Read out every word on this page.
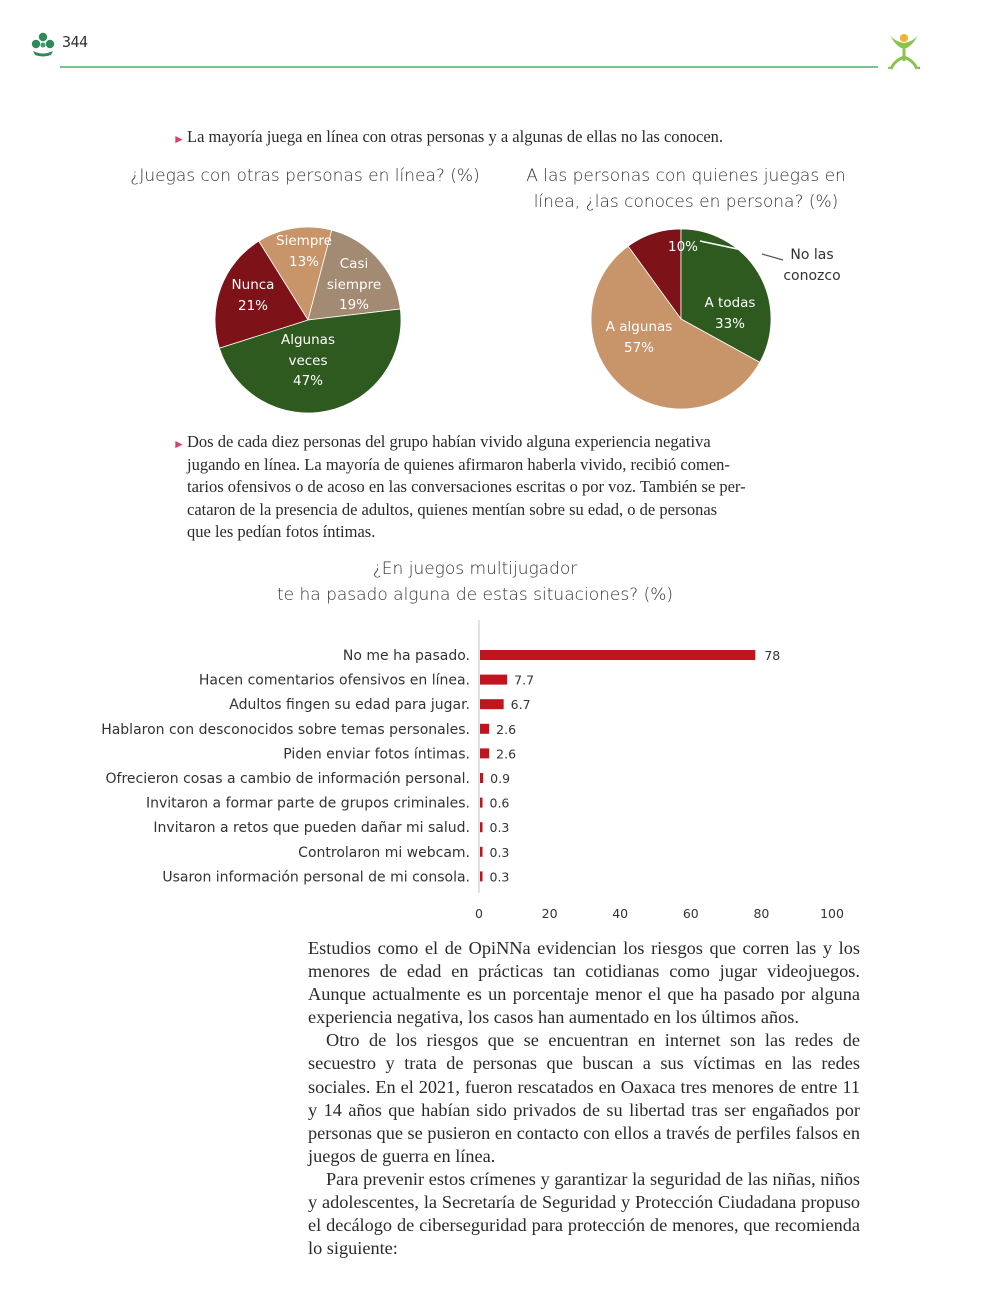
344
► La mayoría juega en línea con otras personas y a algunas de ellas no las conocen.
¿Juegas con otras personas en línea? (%)
Siempre
13%	Casi
siempre
19%
Nunca
21%
Algunas
veces
47%
A las personas con quienes juegas en
línea, ¿las conoces en persona? (%)
10%	No las
conozco
A todas
33%
A algunas
57%
► Dos de cada diez personas del grupo habían vivido alguna experiencia negativa
jugando en línea. La mayoría de quienes afirmaron haberla vivido, recibió comen-
tarios ofensivos o de acoso en las conversaciones escritas o por voz. También se per-
cataron de la presencia de adultos, quienes mentían sobre su edad, o de personas
que les pedían fotos íntimas.
¿En juegos multijugador
te ha pasado alguna de estas situaciones? (%)
No me ha pasado.	78
Hacen comentarios ofensivos en línea.	7.7
Adultos fingen su edad para jugar.	6.7
Hablaron con desconocidos sobre temas personales. 2.6
Piden enviar fotos íntimas. 2.6
Ofrecieron cosas a cambio de información personal. 0.9
Invitaron a formar parte de grupos criminales. 0.6
Invitaron a retos que pueden dañar mi salud. 0.3
Controlaron mi webcam. 0.3
Usaron información personal de mi consola. 0.3
0	20	40	60	80	100

Estudios como el de OpiNNa evidencian los riesgos que corren las y los menores de edad en prácticas tan cotidianas como jugar videojuegos. Aunque actualmente es un porcentaje menor el que ha pasado por alguna experiencia negativa, los casos han aumentado en los últimos años.

Otro de los riesgos que se encuentran en internet son las redes de secuestro y trata de personas que buscan a sus víctimas en las redes sociales. En el 2021, fueron rescatados en Oaxaca tres menores de entre 11 y 14 años que habían sido privados de su libertad tras ser engañados por personas que se pusieron en contacto con ellos a través de perfiles falsos en juegos de guerra en línea.

Para prevenir estos crímenes y garantizar la seguridad de las niñas, niños y adolescentes, la Secretaría de Seguridad y Protección Ciudadana propuso el decálogo de ciberseguridad para protección de menores, que recomienda lo siguiente:
